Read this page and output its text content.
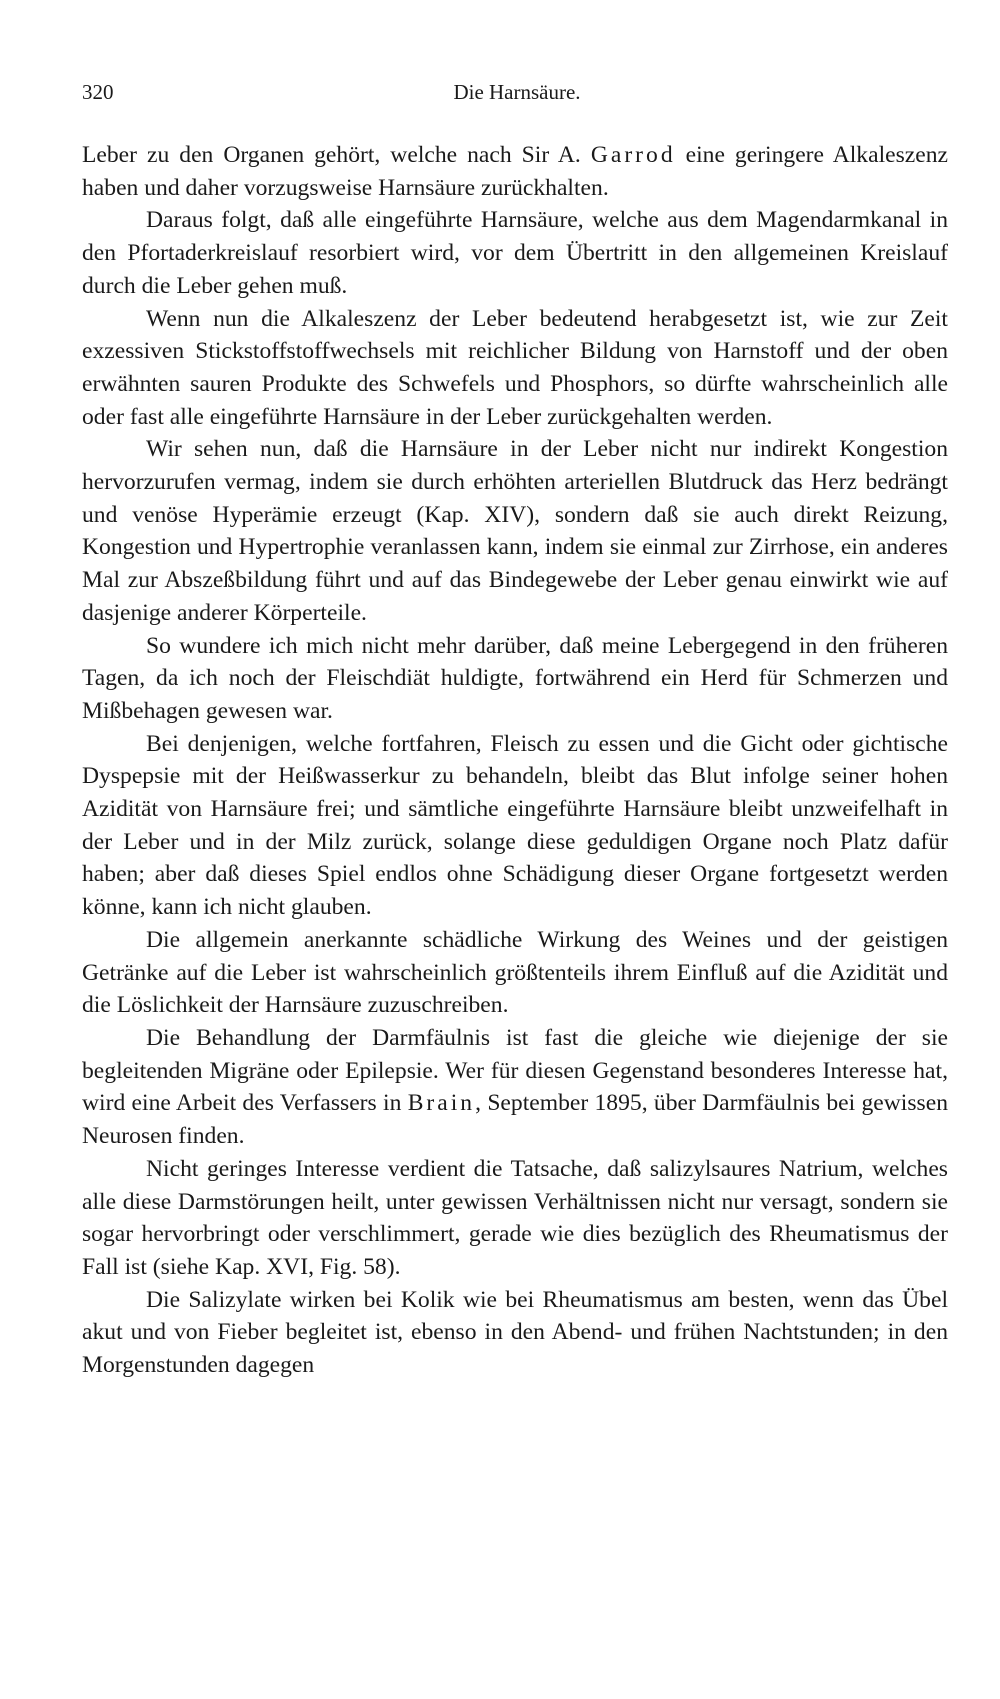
320	Die Harnsäure.

Leber zu den Organen gehört, welche nach Sir A. Garrod eine geringere Alkaleszenz haben und daher vorzugsweise Harnsäure zurückhalten.

Daraus folgt, daß alle eingeführte Harnsäure, welche aus dem Magendarmkanal in den Pfortaderkreislauf resorbiert wird, vor dem Übertritt in den allgemeinen Kreislauf durch die Leber gehen muß.

Wenn nun die Alkaleszenz der Leber bedeutend herabgesetzt ist, wie zur Zeit exzessiven Stickstoffstoffwechsels mit reichlicher Bildung von Harnstoff und der oben erwähnten sauren Produkte des Schwefels und Phosphors, so dürfte wahrscheinlich alle oder fast alle eingeführte Harnsäure in der Leber zurückgehalten werden.

Wir sehen nun, daß die Harnsäure in der Leber nicht nur indirekt Kongestion hervorzurufen vermag, indem sie durch erhöhten arteriellen Blutdruck das Herz bedrängt und venöse Hyperämie erzeugt (Kap. XIV), sondern daß sie auch direkt Reizung, Kongestion und Hypertrophie veranlassen kann, indem sie einmal zur Zirrhose, ein anderes Mal zur Abszeßbildung führt und auf das Bindegewebe der Leber genau einwirkt wie auf dasjenige anderer Körperteile.

So wundere ich mich nicht mehr darüber, daß meine Lebergegend in den früheren Tagen, da ich noch der Fleischdiät huldigte, fortwährend ein Herd für Schmerzen und Mißbehagen gewesen war.

Bei denjenigen, welche fortfahren, Fleisch zu essen und die Gicht oder gichtische Dyspepsie mit der Heißwasserkur zu behandeln, bleibt das Blut infolge seiner hohen Azidität von Harnsäure frei; und sämtliche eingeführte Harnsäure bleibt unzweifelhaft in der Leber und in der Milz zurück, solange diese geduldigen Organe noch Platz dafür haben; aber daß dieses Spiel endlos ohne Schädigung dieser Organe fortgesetzt werden könne, kann ich nicht glauben.

Die allgemein anerkannte schädliche Wirkung des Weines und der geistigen Getränke auf die Leber ist wahrscheinlich größtenteils ihrem Einfluß auf die Azidität und die Löslichkeit der Harnsäure zuzuschreiben.

Die Behandlung der Darmfäulnis ist fast die gleiche wie diejenige der sie begleitenden Migräne oder Epilepsie. Wer für diesen Gegenstand besonderes Interesse hat, wird eine Arbeit des Verfassers in Brain, September 1895, über Darmfäulnis bei gewissen Neurosen finden.

Nicht geringes Interesse verdient die Tatsache, daß salizylsaures Natrium, welches alle diese Darmstörungen heilt, unter gewissen Verhältnissen nicht nur versagt, sondern sie sogar hervorbringt oder verschlimmert, gerade wie dies bezüglich des Rheumatismus der Fall ist (siehe Kap. XVI, Fig. 58).

Die Salizylate wirken bei Kolik wie bei Rheumatismus am besten, wenn das Übel akut und von Fieber begleitet ist, ebenso in den Abend- und frühen Nachtstunden; in den Morgenstunden dagegen
